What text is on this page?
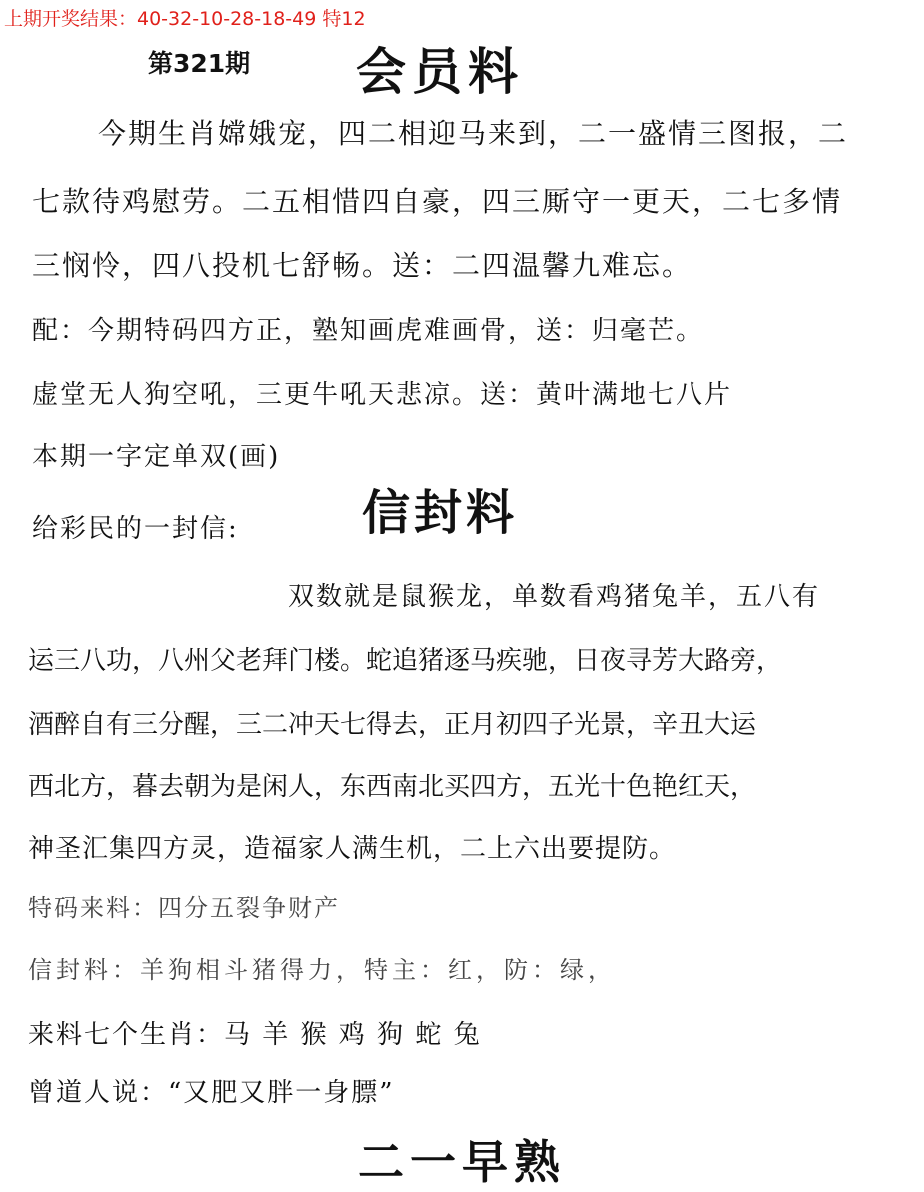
上期开奖结果：40-32-10-28-18-49 特12
第321期 会员料
今期生肖嫦娥宠，四二相迎马来到，二一盛情三图报，二
七款待鸡慰劳。二五相惜四自豪，四三厮守一更天，二七多情
三悯怜，四八投机七舒畅。送：二四温馨九难忘。
配：今期特码四方正，塾知画虎难画骨，送：归毫芒。
虚堂无人狗空吼，三更牛吼天悲凉。送：黄叶满地七八片
本期一字定单双(画)
给彩民的一封信:	信封料
双数就是鼠猴龙，单数看鸡猪兔羊，五八有
运三八功，八州父老拜门楼。蛇追猪逐马疾驰，日夜寻芳大路旁，
酒醉自有三分醒，三二冲天七得去，正月初四子光景，辛丑大运
西北方，暮去朝为是闲人，东西南北买四方，五光十色艳红天，
神圣汇集四方灵，造福家人满生机，二上六出要提防。
特码来料：四分五裂争财产
信封料：羊狗相斗猪得力，特主：红，防：绿，
来料七个生肖：马 羊 猴 鸡 狗 蛇 兔
曾道人说：“又肥又胖一身膘”
二一早熟
